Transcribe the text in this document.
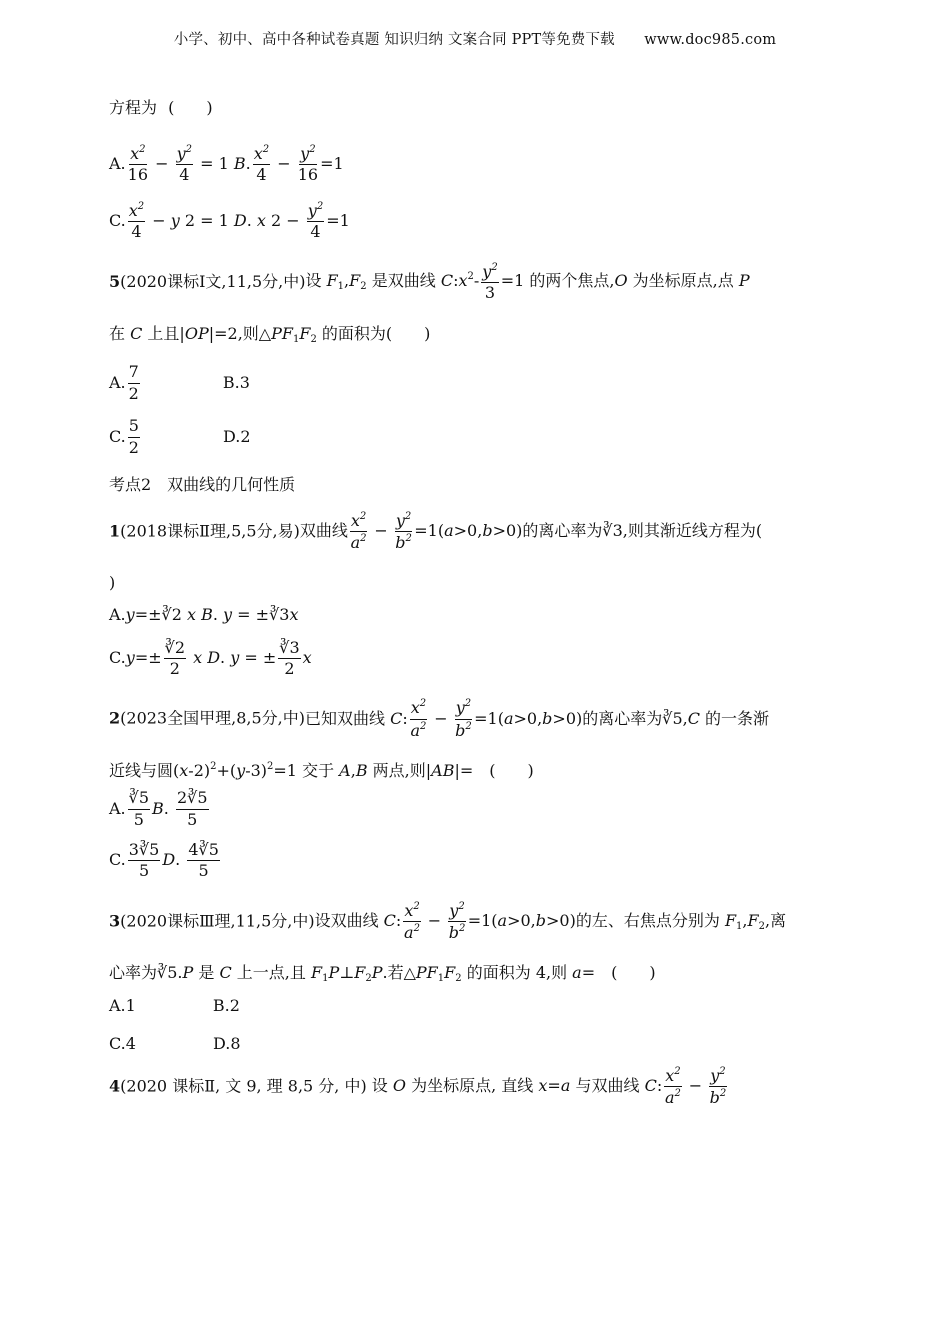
小学、初中、高中各种试卷真题 知识归纳 文案合同 PPT等免费下载　　www.doc985.com
方程为 (　　)
A. $\frac{x^2}{16} - \frac{y^2}{4} = 1$ B. $\frac{x^2}{4} - \frac{y^2}{16} =1$
C. $\frac{x^2}{4} - y$ 2 = 1 D. x $2 - \frac{y^2}{4} =1$
5(2020课标Ⅰ文,11,5分,中)设 $F_1,F_2$ 是双曲线 $C:x^2- \frac{y^2}{3} =1$ 的两个焦点,O 为坐标原点,点 P
在 C 上且|OP|=2,则$\triangle PF_1F_2$ 的面积为(　　)
A. $\frac{7}{2}$	B.3
C. $\frac{5}{2}$	D.2
考点2　双曲线的几何性质
1(2018课标Ⅱ理,5,5分,易)双曲线 $\frac{x^2}{a^2} - \frac{y^2}{b^2} =1(a>0,b>0)$的离心率为∛3,则其渐近线方程为(
)
A.y=±∛2 x B. y = ±∛3x
$C.y=\pm \frac{∛2}{2}$ x D. y = ± $\frac{∛3}{2}$ x
2(2023全国甲理,8,5分,中)已知双曲线 C: $\frac{x^2}{a^2} - \frac{y^2}{b^2} =1(a>0,b>0)$的离心率为∛5,C 的一条渐
近线与圆$(x-2)^2+(y-3)^2=1$ 交于 A,B 两点,则|AB|=　(　　)
A. $\frac{∛5}{5} B$. $\frac{2∛5}{5}$
C. $\frac{3∛5}{5} D$. $\frac{4∛5}{5}$
3(2020课标Ⅲ理,11,5分,中)设双曲线 C: $\frac{x^2}{a^2} - \frac{y^2}{b^2} =1(a>0,b>0)$的左、右焦点分别为 $F_1,F_2$,离
心率为∛5.P 是 C 上一点,且 $F_1P\perp F_2P$.若$\triangle PF_1F_2$ 的面积为 4,则 a=　(　　)
A.1	B.2
C.4	D.8
4(2020 课标Ⅱ, 文 9, 理 8,5 分, 中) 设 O 为坐标原点, 直线 x=a 与双曲线 C: $\frac{x^2}{a^2} - \frac{y^2}{b^2}$
